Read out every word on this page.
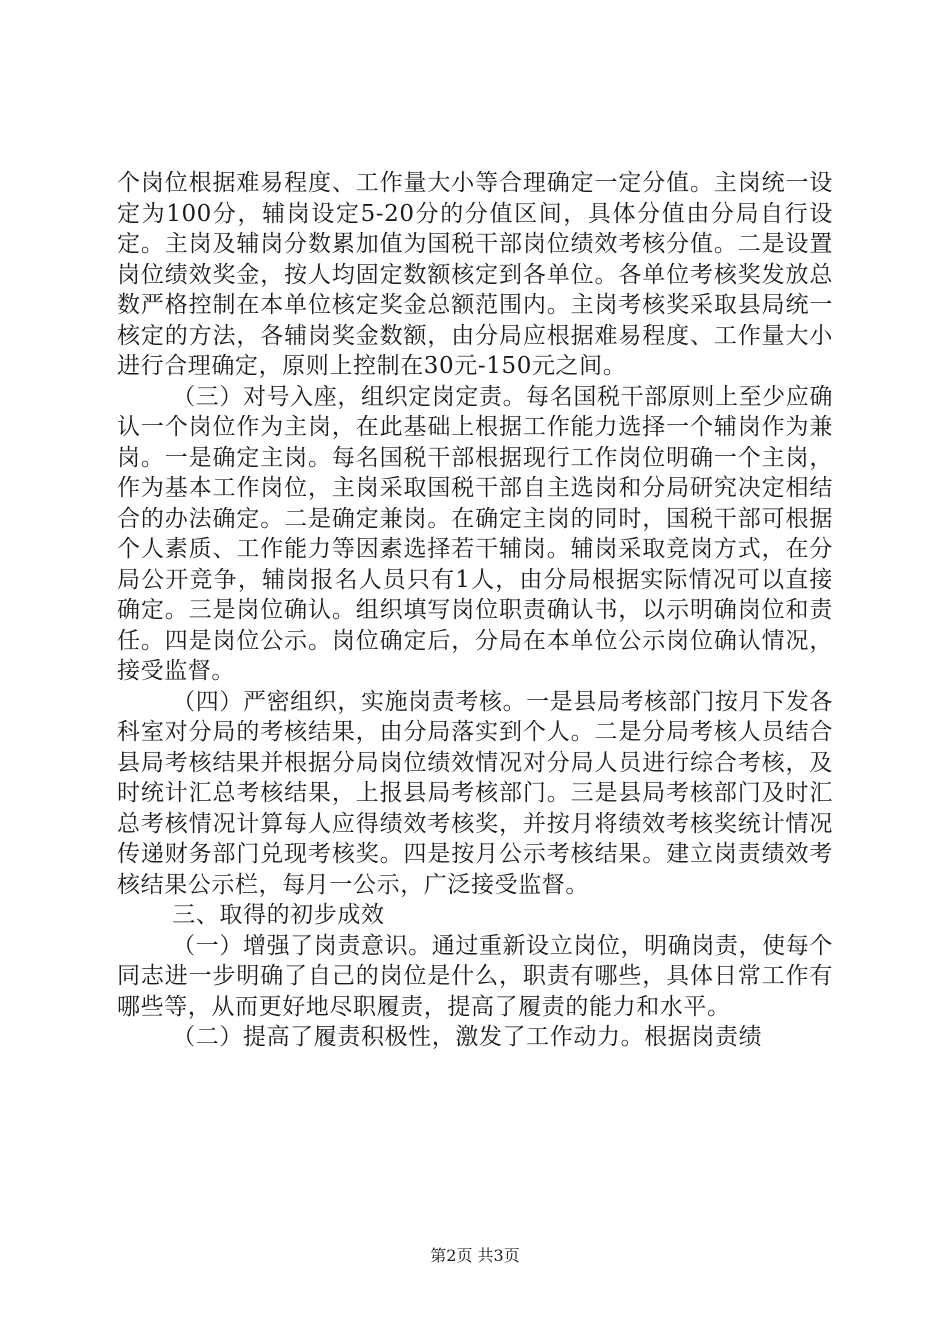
个岗位根据难易程度、工作量大小等合理确定一定分值。主岗统一设定为100分，辅岗设定5-20分的分值区间，具体分值由分局自行设定。主岗及辅岗分数累加值为国税干部岗位绩效考核分值。二是设置岗位绩效奖金，按人均固定数额核定到各单位。各单位考核奖发放总数严格控制在本单位核定奖金总额范围内。主岗考核奖采取县局统一核定的方法，各辅岗奖金数额，由分局应根据难易程度、工作量大小进行合理确定，原则上控制在30元-150元之间。

（三）对号入座，组织定岗定责。每名国税干部原则上至少应确认一个岗位作为主岗，在此基础上根据工作能力选择一个辅岗作为兼岗。一是确定主岗。每名国税干部根据现行工作岗位明确一个主岗，作为基本工作岗位，主岗采取国税干部自主选岗和分局研究决定相结合的办法确定。二是确定兼岗。在确定主岗的同时，国税干部可根据个人素质、工作能力等因素选择若干辅岗。辅岗采取竞岗方式，在分局公开竞争，辅岗报名人员只有1人，由分局根据实际情况可以直接确定。三是岗位确认。组织填写岗位职责确认书，以示明确岗位和责任。四是岗位公示。岗位确定后，分局在本单位公示岗位确认情况，接受监督。

（四）严密组织，实施岗责考核。一是县局考核部门按月下发各科室对分局的考核结果，由分局落实到个人。二是分局考核人员结合县局考核结果并根据分局岗位绩效情况对分局人员进行综合考核，及时统计汇总考核结果，上报县局考核部门。三是县局考核部门及时汇总考核情况计算每人应得绩效考核奖，并按月将绩效考核奖统计情况传递财务部门兑现考核奖。四是按月公示考核结果。建立岗责绩效考核结果公示栏，每月一公示，广泛接受监督。

三、取得的初步成效

（一）增强了岗责意识。通过重新设立岗位，明确岗责，使每个同志进一步明确了自己的岗位是什么，职责有哪些，具体日常工作有哪些等，从而更好地尽职履责，提高了履责的能力和水平。

（二）提高了履责积极性，激发了工作动力。根据岗责绩

第2页 共3页
